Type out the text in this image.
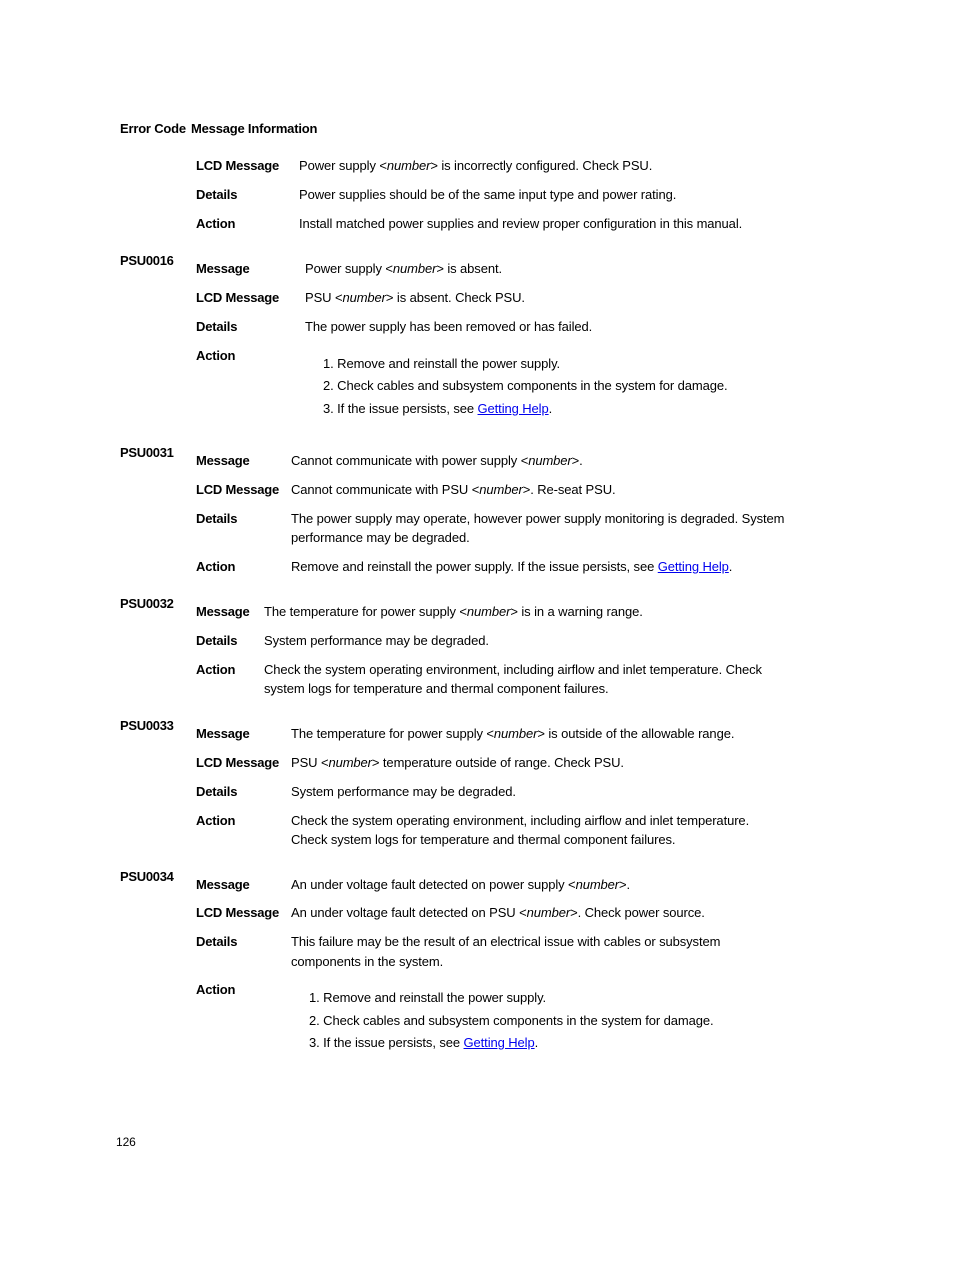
Error Code Message Information
LCD Message Power supply <number> is incorrectly configured. Check PSU.
Details	Power supplies should be of the same input type and power rating.
Action	Install matched power supplies and review proper configuration in this manual.
PSU0016
Message	Power supply <number> is absent.
LCD Message PSU <number> is absent. Check PSU.
Details	The power supply has been removed or has failed.
Action
1. Remove and reinstall the power supply.
2. Check cables and subsystem components in the system for damage.
3. If the issue persists, see Getting Help.
PSU0031
Message	Cannot communicate with power supply <number>.
LCD Message Cannot communicate with PSU <number>. Re-seat PSU.
Details	The power supply may operate, however power supply monitoring is degraded. System
performance may be degraded.
Action	Remove and reinstall the power supply. If the issue persists, see Getting Help.
PSU0032
Message The temperature for power supply <number> is in a warning range.
Details System performance may be degraded.
Action Check the system operating environment, including airflow and inlet temperature. Check
system logs for temperature and thermal component failures.
PSU0033
Message	The temperature for power supply <number> is outside of the allowable range.
LCD Message PSU <number> temperature outside of range. Check PSU.
Details	System performance may be degraded.
Action	Check the system operating environment, including airflow and inlet temperature.
Check system logs for temperature and thermal component failures.
PSU0034
Message	An under voltage fault detected on power supply <number>.
LCD Message An under voltage fault detected on PSU <number>. Check power source.
Details	This failure may be the result of an electrical issue with cables or subsystem
components in the system.
Action
1. Remove and reinstall the power supply.
2. Check cables and subsystem components in the system for damage.
3. If the issue persists, see Getting Help.
126
